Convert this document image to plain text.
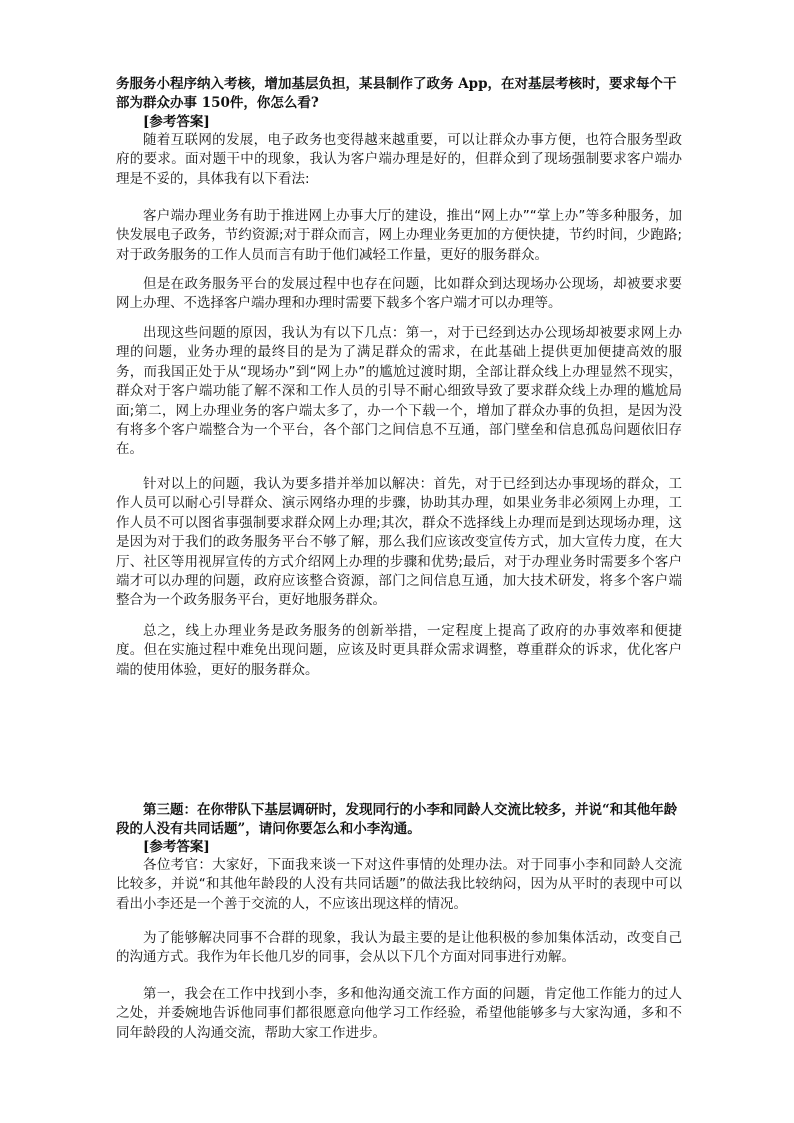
务服务小程序纳入考核，增加基层负担，某县制作了政务 App，在对基层考核时，要求每个干部为群众办事 150件，你怎么看?

[参考答案]

随着互联网的发展，电子政务也变得越来越重要，可以让群众办事方便，也符合服务型政府的要求。面对题干中的现象，我认为客户端办理是好的，但群众到了现场强制要求客户端办理是不妥的，具体我有以下看法:

客户端办理业务有助于推进网上办事大厅的建设，推出“网上办”“掌上办”等多种服务，加快发展电子政务，节约资源;对于群众而言，网上办理业务更加的方便快捷，节约时间，少跑路;对于政务服务的工作人员而言有助于他们减轻工作量，更好的服务群众。

但是在政务服务平台的发展过程中也存在问题，比如群众到达现场办公现场，却被要求要网上办理、不选择客户端办理和办理时需要下载多个客户端才可以办理等。

出现这些问题的原因，我认为有以下几点：第一，对于已经到达办公现场却被要求网上办理的问题，业务办理的最终目的是为了满足群众的需求，在此基础上提供更加便捷高效的服务，而我国正处于从“现场办”到“网上办”的尴尬过渡时期，全部让群众线上办理显然不现实，群众对于客户端功能了解不深和工作人员的引导不耐心细致导致了要求群众线上办理的尴尬局面;第二，网上办理业务的客户端太多了，办一个下载一个，增加了群众办事的负担，是因为没有将多个客户端整合为一个平台，各个部门之间信息不互通，部门壁垒和信息孤岛问题依旧存在。

针对以上的问题，我认为要多措并举加以解决：首先，对于已经到达办事现场的群众，工作人员可以耐心引导群众、演示网络办理的步骤，协助其办理，如果业务非必须网上办理，工作人员不可以图省事强制要求群众网上办理;其次，群众不选择线上办理而是到达现场办理，这是因为对于我们的政务服务平台不够了解，那么我们应该改变宣传方式，加大宣传力度，在大厅、社区等用视屏宣传的方式介绍网上办理的步骤和优势;最后，对于办理业务时需要多个客户端才可以办理的问题，政府应该整合资源，部门之间信息互通，加大技术研发，将多个客户端整合为一个政务服务平台，更好地服务群众。

总之，线上办理业务是政务服务的创新举措，一定程度上提高了政府的办事效率和便捷度。但在实施过程中难免出现问题，应该及时更具群众需求调整，尊重群众的诉求，优化客户端的使用体验，更好的服务群众。

第三题：在你带队下基层调研时，发现同行的小李和同龄人交流比较多，并说“和其他年龄段的人没有共同话题”，请问你要怎么和小李沟通。

[参考答案]

各位考官：大家好，下面我来谈一下对这件事情的处理办法。对于同事小李和同龄人交流比较多，并说“和其他年龄段的人没有共同话题”的做法我比较纳闷，因为从平时的表现中可以看出小李还是一个善于交流的人，不应该出现这样的情况。

为了能够解决同事不合群的现象，我认为最主要的是让他积极的参加集体活动，改变自己的沟通方式。我作为年长他几岁的同事，会从以下几个方面对同事进行劝解。

第一，我会在工作中找到小李，多和他沟通交流工作方面的问题，肯定他工作能力的过人之处，并委婉地告诉他同事们都很愿意向他学习工作经验，希望他能够多与大家沟通，多和不同年龄段的人沟通交流，帮助大家工作进步。
